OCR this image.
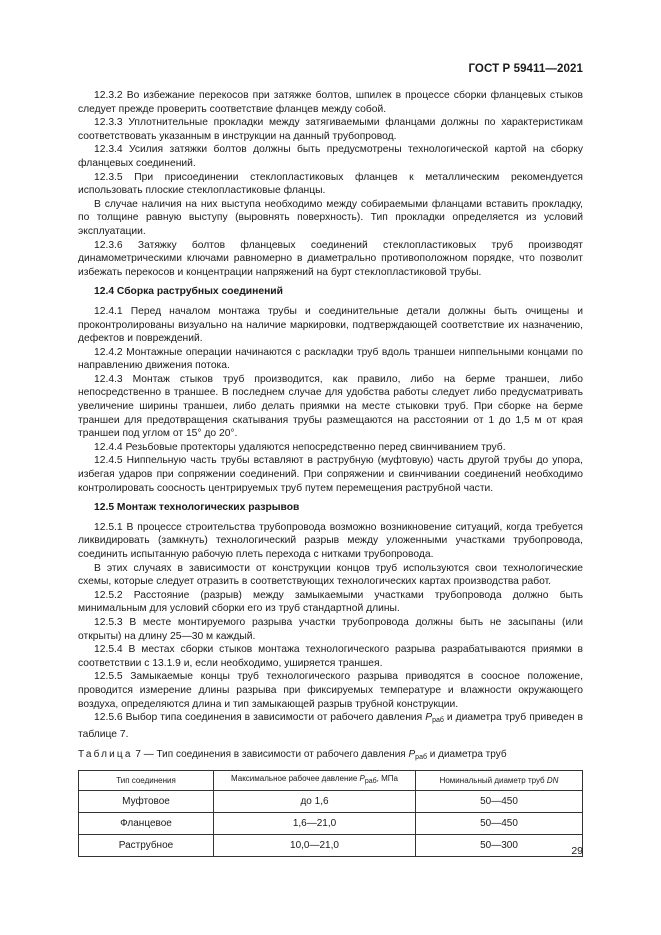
ГОСТ Р 59411—2021

12.3.2 Во избежание перекосов при затяжке болтов, шпилек в процессе сборки фланцевых стыков следует прежде проверить соответствие фланцев между собой.

12.3.3 Уплотнительные прокладки между затягиваемыми фланцами должны по характеристикам соответствовать указанным в инструкции на данный трубопровод.

12.3.4 Усилия затяжки болтов должны быть предусмотрены технологической картой на сборку фланцевых соединений.

12.3.5 При присоединении стеклопластиковых фланцев к металлическим рекомендуется использовать плоские стеклопластиковые фланцы.

В случае наличия на них выступа необходимо между собираемыми фланцами вставить прокладку, по толщине равную выступу (выровнять поверхность). Тип прокладки определяется из условий эксплуатации.

12.3.6 Затяжку болтов фланцевых соединений стеклопластиковых труб производят динамометрическими ключами равномерно в диаметрально противоположном порядке, что позволит избежать перекосов и концентрации напряжений на бурт стеклопластиковой трубы.

12.4 Сборка раструбных соединений

12.4.1 Перед началом монтажа трубы и соединительные детали должны быть очищены и проконтролированы визуально на наличие маркировки, подтверждающей соответствие их назначению, дефектов и повреждений.

12.4.2 Монтажные операции начинаются с раскладки труб вдоль траншеи ниппельными концами по направлению движения потока.

12.4.3 Монтаж стыков труб производится, как правило, либо на берме траншеи, либо непосредственно в траншее. В последнем случае для удобства работы следует либо предусматривать увеличение ширины траншеи, либо делать приямки на месте стыковки труб. При сборке на берме траншеи для предотвращения скатывания трубы размещаются на расстоянии от 1 до 1,5 м от края траншеи под углом от 15° до 20°.

12.4.4 Резьбовые протекторы удаляются непосредственно перед свинчиванием труб.

12.4.5 Ниппельную часть трубы вставляют в раструбную (муфтовую) часть другой трубы до упора, избегая ударов при сопряжении соединений. При сопряжении и свинчивании соединений необходимо контролировать соосность центрируемых труб путем перемещения раструбной части.

12.5 Монтаж технологических разрывов

12.5.1 В процессе строительства трубопровода возможно возникновение ситуаций, когда требуется ликвидировать (замкнуть) технологический разрыв между уложенными участками трубопровода, соединить испытанную рабочую плеть перехода с нитками трубопровода.

В этих случаях в зависимости от конструкции концов труб используются свои технологические схемы, которые следует отразить в соответствующих технологических картах производства работ.

12.5.2 Расстояние (разрыв) между замыкаемыми участками трубопровода должно быть минимальным для условий сборки его из труб стандартной длины.

12.5.3 В месте монтируемого разрыва участки трубопровода должны быть не засыпаны (или открыты) на длину 25—30 м каждый.

12.5.4 В местах сборки стыков монтажа технологического разрыва разрабатываются приямки в соответствии с 13.1.9 и, если необходимо, уширяется траншея.

12.5.5 Замыкаемые концы труб технологического разрыва приводятся в соосное положение, проводится измерение длины разрыва при фиксируемых температуре и влажности окружающего воздуха, определяются длина и тип замыкающей разрыв трубной конструкции.

12.5.6 Выбор типа соединения в зависимости от рабочего давления $P_{раб}$ и диаметра труб приведен в таблице 7.

Таблица 7 — Тип соединения в зависимости от рабочего давления $P_{раб}$ и диаметра труб

Тип соединения	Максимальное рабочее давление Pраб, МПа	Номинальный диаметр труб DN
Муфтовое	до 1,6	50—450
Фланцевое	1,6—21,0	50—450
Раструбное	10,0—21,0	50—300	29
